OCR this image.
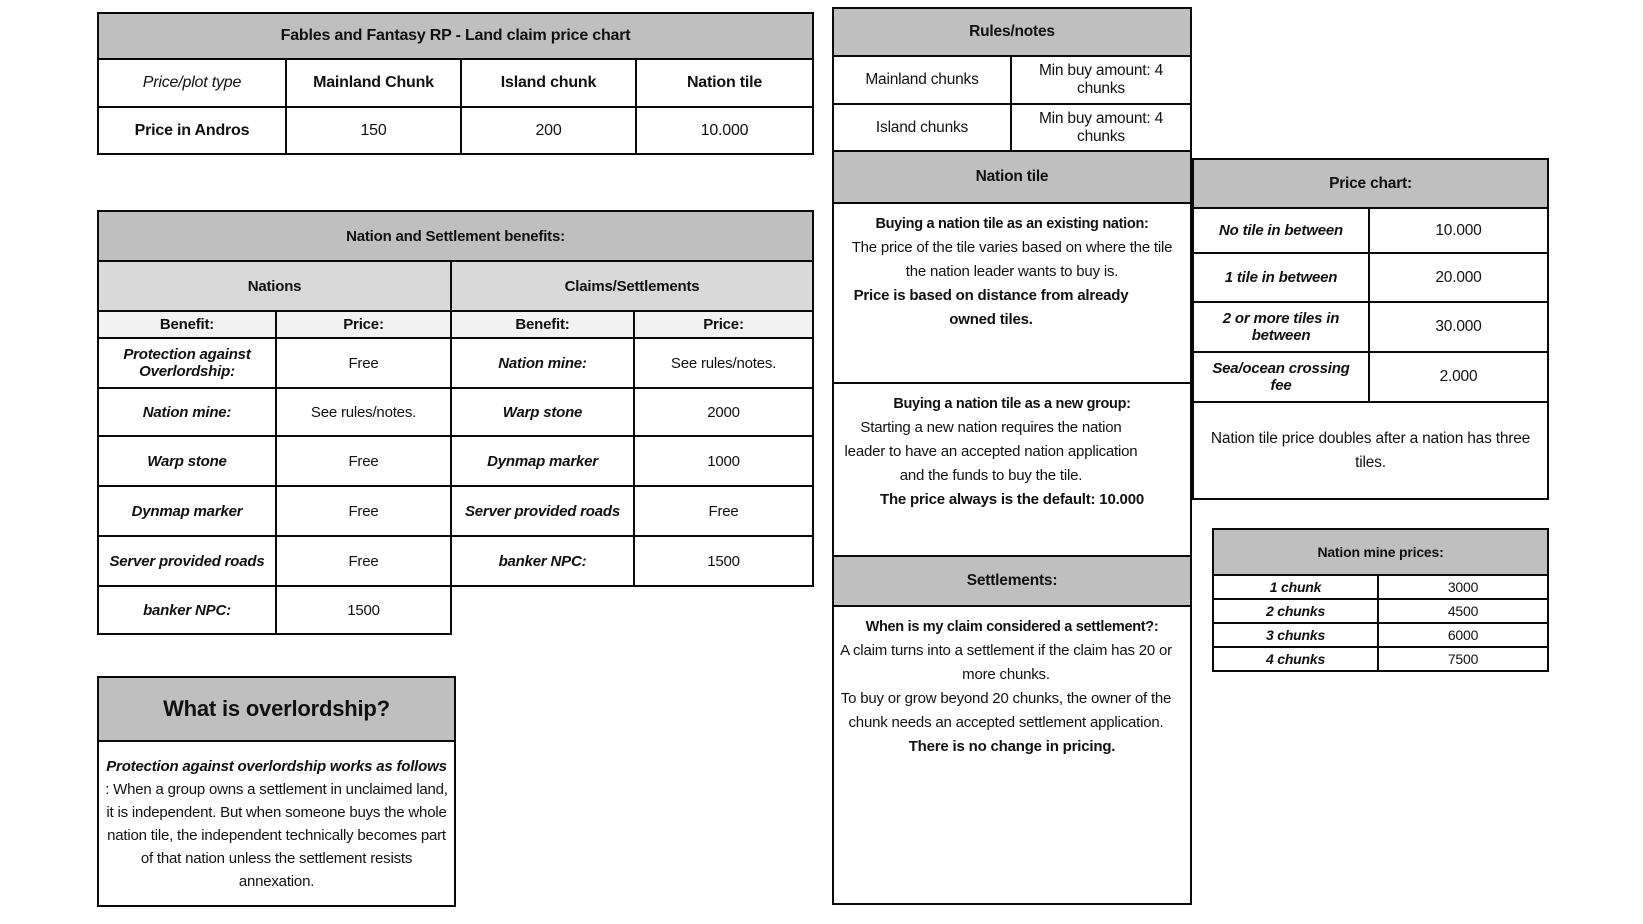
Fables and Fantasy RP - Land claim price chart			
Price/plot type	Mainland Chunk	Island chunk	Nation tile
Price in Andros	150	200	10.000
Nation and Settlement benefits:			
Nations		Claims/Settlements	
Benefit:	Price:	Benefit:	Price:
Protection against Overlordship:	Free	Nation mine:	See rules/notes.
Nation mine:	See rules/notes.	Warp stone	2000
Warp stone	Free	Dynmap marker	1000
Dynmap marker	Free	Server provided roads	Free
Server provided roads	Free	banker NPC:	1500
banker NPC:	1500		
What is overlordship?
Protection against overlordship works as follows : When a group owns a settlement in unclaimed land, it is independent. But when someone buys the whole nation tile, the independent technically becomes part of that nation unless the settlement resists annexation.
Rules/notes	
Mainland chunks	Min buy amount: 4 chunks
Island chunks	Min buy amount: 4 chunks
Nation tile	

Buying a nation tile as an existing nation:

The price of the tile varies based on where the tile the nation leader wants to buy is.

Price is based on distance from already owned tiles.	

Buying a nation tile as a new group:

Starting a new nation requires the nation leader to have an accepted nation application and the funds to buy the tile.

The price always is the default: 10.000	

Settlements:	

When is my claim considered a settlement?:

A claim turns into a settlement if the claim has 20 or more chunks.

To buy or grow beyond 20 chunks, the owner of the chunk needs an accepted settlement application.

There is no change in pricing.	

Price chart:	
No tile in between	10.000
1 tile in between	20.000
2 or more tiles in between	30.000
Sea/ocean crossing fee	2.000
Nation tile price doubles after a nation has three tiles.	
Nation mine prices:	
1 chunk	3000
2 chunks	4500
3 chunks	6000
4 chunks	7500
